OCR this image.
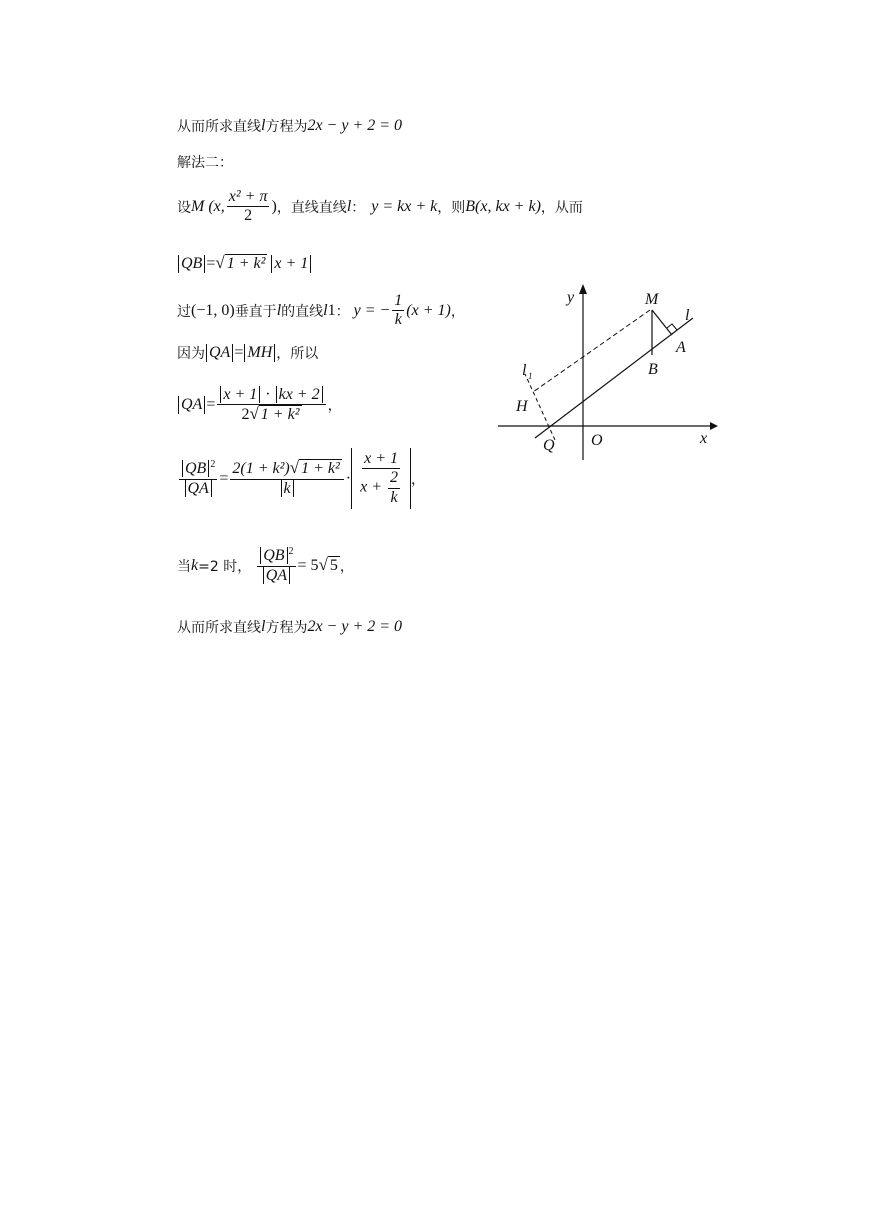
从而所求直线 l 方程为 2x − y + 2 = 0
解法二：
设 M (x, $\frac{\text{x² + π}}{2}$ ) ，直线直线 l ： y = kx + k ，则 B(x, kx + k) ，从而
QB = √ 1 + k² x + 1
过 (−1, 0) 垂直于 l 的直线 l 1 ： y = − $\frac{1}{k} (x + 1)$ ，
因为 QA = MH ，所以
QA = $\frac{x + 1 \cdot kx + 2}{\text{2 √ 1 + k²}}$ ，
$\frac{QB ^2}{QA} = \frac{\text{2(1 + k²) √ 1 + k²}}{k} \cdot \frac{x + 1}{x + \frac{2}{k}}$ ，
当 k =2 时， $\frac{QB ^2}{QA} = 5$ √ 5 ，
从而所求直线 l 方程为 2x − y + 2 = 0
y
x
O
M
l
A
B
H
Q
l 1
